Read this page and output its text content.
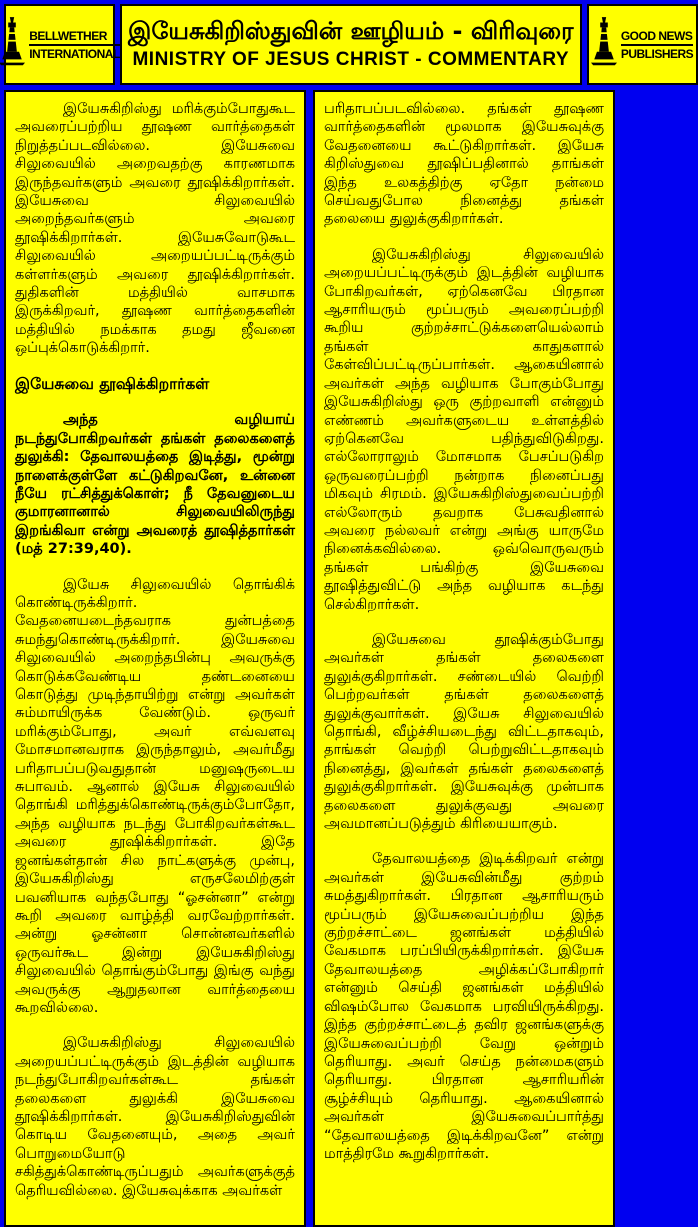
BELLWETHER
INTERNATIONAL
இயேசுகிறிஸ்துவின் ஊழியம் - விரிவுரை
MINISTRY OF JESUS CHRIST - COMMENTARY
GOOD NEWS
PUBLISHERS

இயேசுகிறிஸ்து மரிக்கும்போதுகூட அவரைப்பற்றிய தூஷண வார்த்தைகள் நிறுத்தப்படவில்லை. இயேசுவை சிலுவையில் அறைவதற்கு காரணமாக இருந்தவர்களும் அவரை தூஷிக்கிறார்கள். இயேசுவை சிலுவையில் அறைந்தவர்களும் அவரை தூஷிக்கிறார்கள். இயேசுவோடுகூட சிலுவையில் அறையப்பட்டிருக்கும் கள்ளர்களும் அவரை தூஷிக்கிறார்கள். துதிகளின் மத்தியில் வாசமாக இருக்கிறவர், தூஷண வார்த்தைகளின் மத்தியில் நமக்காக தமது ஜீவனை ஒப்புக்கொடுக்கிறார்.

இயேசுவை தூஷிக்கிறார்கள்

அந்த வழியாய் நடந்துபோகிறவர்கள் தங்கள் தலைகளைத் துலுக்கி: தேவாலயத்தை இடித்து, மூன்று நாளைக்குள்ளே கட்டுகிறவனே, உன்னை நீயே ரட்சித்துக்கொள்; நீ தேவனுடைய குமாரனானால் சிலுவையிலிருந்து இறங்கிவா என்று அவரைத் தூஷித்தார்கள் (மத் 27:39,40).

இயேசு சிலுவையில் தொங்கிக் கொண்டிருக்கிறார். வேதனையடைந்தவராக துன்பத்தை சுமந்துகொண்டிருக்கிறார். இயேசுவை சிலுவையில் அறைந்தபின்பு அவருக்கு கொடுக்கவேண்டிய தண்டனையை கொடுத்து முடிந்தாயிற்று என்று அவர்கள் சும்மாயிருக்க வேண்டும். ஒருவர் மரிக்கும்போது, அவர் எவ்வளவு மோசமானவராக இருந்தாலும், அவர்மீது பரிதாபப்படுவதுதான் மனுஷருடைய சுபாவம். ஆனால் இயேசு சிலுவையில் தொங்கி மரித்துக்கொண்டிருக்கும்போதோ, அந்த வழியாக நடந்து போகிறவர்கள்கூட அவரை தூஷிக்கிறார்கள். இதே ஜனங்கள்தான் சில நாட்களுக்கு முன்பு, இயேசுகிறிஸ்து எருசலேமிற்குள் பவனியாக வந்தபோது “ஓசன்னா” என்று கூறி அவரை வாழ்த்தி வரவேற்றார்கள். அன்று ஓசன்னா சொன்னவர்களில் ஒருவர்கூட இன்று இயேசுகிறிஸ்து சிலுவையில் தொங்கும்போது இங்கு வந்து அவருக்கு ஆறுதலான வார்த்தையை கூறவில்லை.

இயேசுகிறிஸ்து சிலுவையில் அறையப்பட்டிருக்கும் இடத்தின் வழியாக நடந்துபோகிறவர்கள்கூட தங்கள் தலைகளை துலுக்கி இயேசுவை தூஷிக்கிறார்கள். இயேசுகிறிஸ்துவின் கொடிய வேதனையும், அதை அவர் பொறுமையோடு சகித்துக்கொண்டிருப்பதும் அவர்களுக்குத் தெரியவில்லை. இயேசுவுக்காக அவர்கள்

பரிதாபப்படவில்லை. தங்கள் தூஷண வார்த்தைகளின் மூலமாக இயேசுவுக்கு வேதனையை கூட்டுகிறார்கள். இயேசு கிறிஸ்துவை தூஷிப்பதினால் தாங்கள் இந்த உலகத்திற்கு ஏதோ நன்மை செய்வதுபோல நினைத்து தங்கள் தலையை துலுக்குகிறார்கள்.

இயேசுகிறிஸ்து சிலுவையில் அறையப்பட்டிருக்கும் இடத்தின் வழியாக போகிறவர்கள், ஏற்கெனவே பிரதான ஆசாரியரும் மூப்பரும் அவரைப்பற்றி கூறிய குற்றச்சாட்டுக்களையெல்லாம் தங்கள் காதுகளால் கேள்விப்பட்டிருப்பார்கள். ஆகையினால் அவர்கள் அந்த வழியாக போகும்போது இயேசுகிறிஸ்து ஒரு குற்றவாளி என்னும் எண்ணம் அவர்களுடைய உள்ளத்தில் ஏற்கெனவே பதிந்துவிடுகிறது. எல்லோராலும் மோசமாக பேசப்படுகிற ஒருவரைப்பற்றி நன்றாக நினைப்பது மிகவும் சிரமம். இயேசுகிறிஸ்துவைப்பற்றி எல்லோரும் தவறாக பேசுவதினால் அவரை நல்லவர் என்று அங்கு யாருமே நினைக்கவில்லை. ஒவ்வொருவரும் தங்கள் பங்கிற்கு இயேசுவை தூஷித்துவிட்டு அந்த வழியாக கடந்து செல்கிறார்கள்.

இயேசுவை தூஷிக்கும்போது அவர்கள் தங்கள் தலைகளை துலுக்குகிறார்கள். சண்டையில் வெற்றி பெற்றவர்கள் தங்கள் தலைகளைத் துலுக்குவார்கள். இயேசு சிலுவையில் தொங்கி, வீழ்ச்சியடைந்து விட்டதாகவும், தாங்கள் வெற்றி பெற்றுவிட்டதாகவும் நினைத்து, இவர்கள் தங்கள் தலைகளைத் துலுக்குகிறார்கள். இயேசுவுக்கு முன்பாக தலைகளை துலுக்குவது அவரை அவமானப்படுத்தும் கிரியையாகும்.

தேவாலயத்தை இடிக்கிறவர் என்று அவர்கள் இயேசுவின்மீது குற்றம் சுமத்துகிறார்கள். பிரதான ஆசாரியரும் மூப்பரும் இயேசுவைப்பற்றிய இந்த குற்றச்சாட்டை ஜனங்கள் மத்தியில் வேகமாக பரப்பியிருக்கிறார்கள். இயேசு தேவாலயத்தை அழிக்கப்போகிறார் என்னும் செய்தி ஜனங்கள் மத்தியில் விஷம்போல வேகமாக பரவியிருக்கிறது. இந்த குற்றச்சாட்டைத் தவிர ஜனங்களுக்கு இயேசுவைப்பற்றி வேறு ஒன்றும் தெரியாது. அவர் செய்த நன்மைகளும் தெரியாது. பிரதான ஆசாரியரின் சூழ்ச்சியும் தெரியாது. ஆகையினால் அவர்கள் இயேசுவைப்பார்த்து “தேவாலயத்தை இடிக்கிறவனே” என்று மாத்திரமே கூறுகிறார்கள்.
